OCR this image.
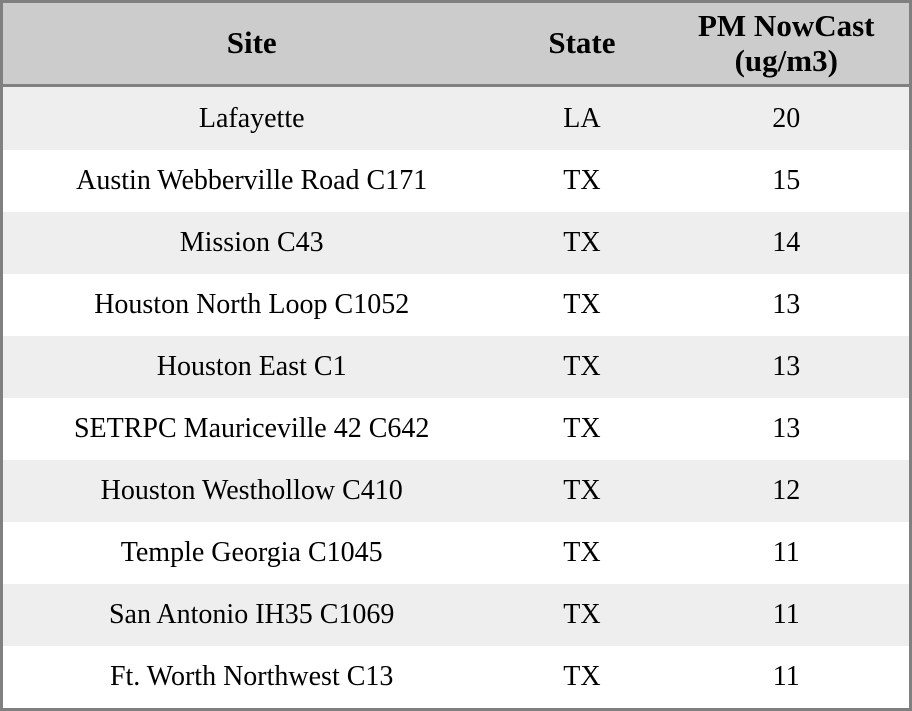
Site	State	PM NowCast (ug/m3)
Lafayette	LA	20
Austin Webberville Road C171	TX	15
Mission C43	TX	14
Houston North Loop C1052	TX	13
Houston East C1	TX	13
SETRPC Mauriceville 42 C642	TX	13
Houston Westhollow C410	TX	12
Temple Georgia C1045	TX	11
San Antonio IH35 C1069	TX	11
Ft. Worth Northwest C13	TX	11
